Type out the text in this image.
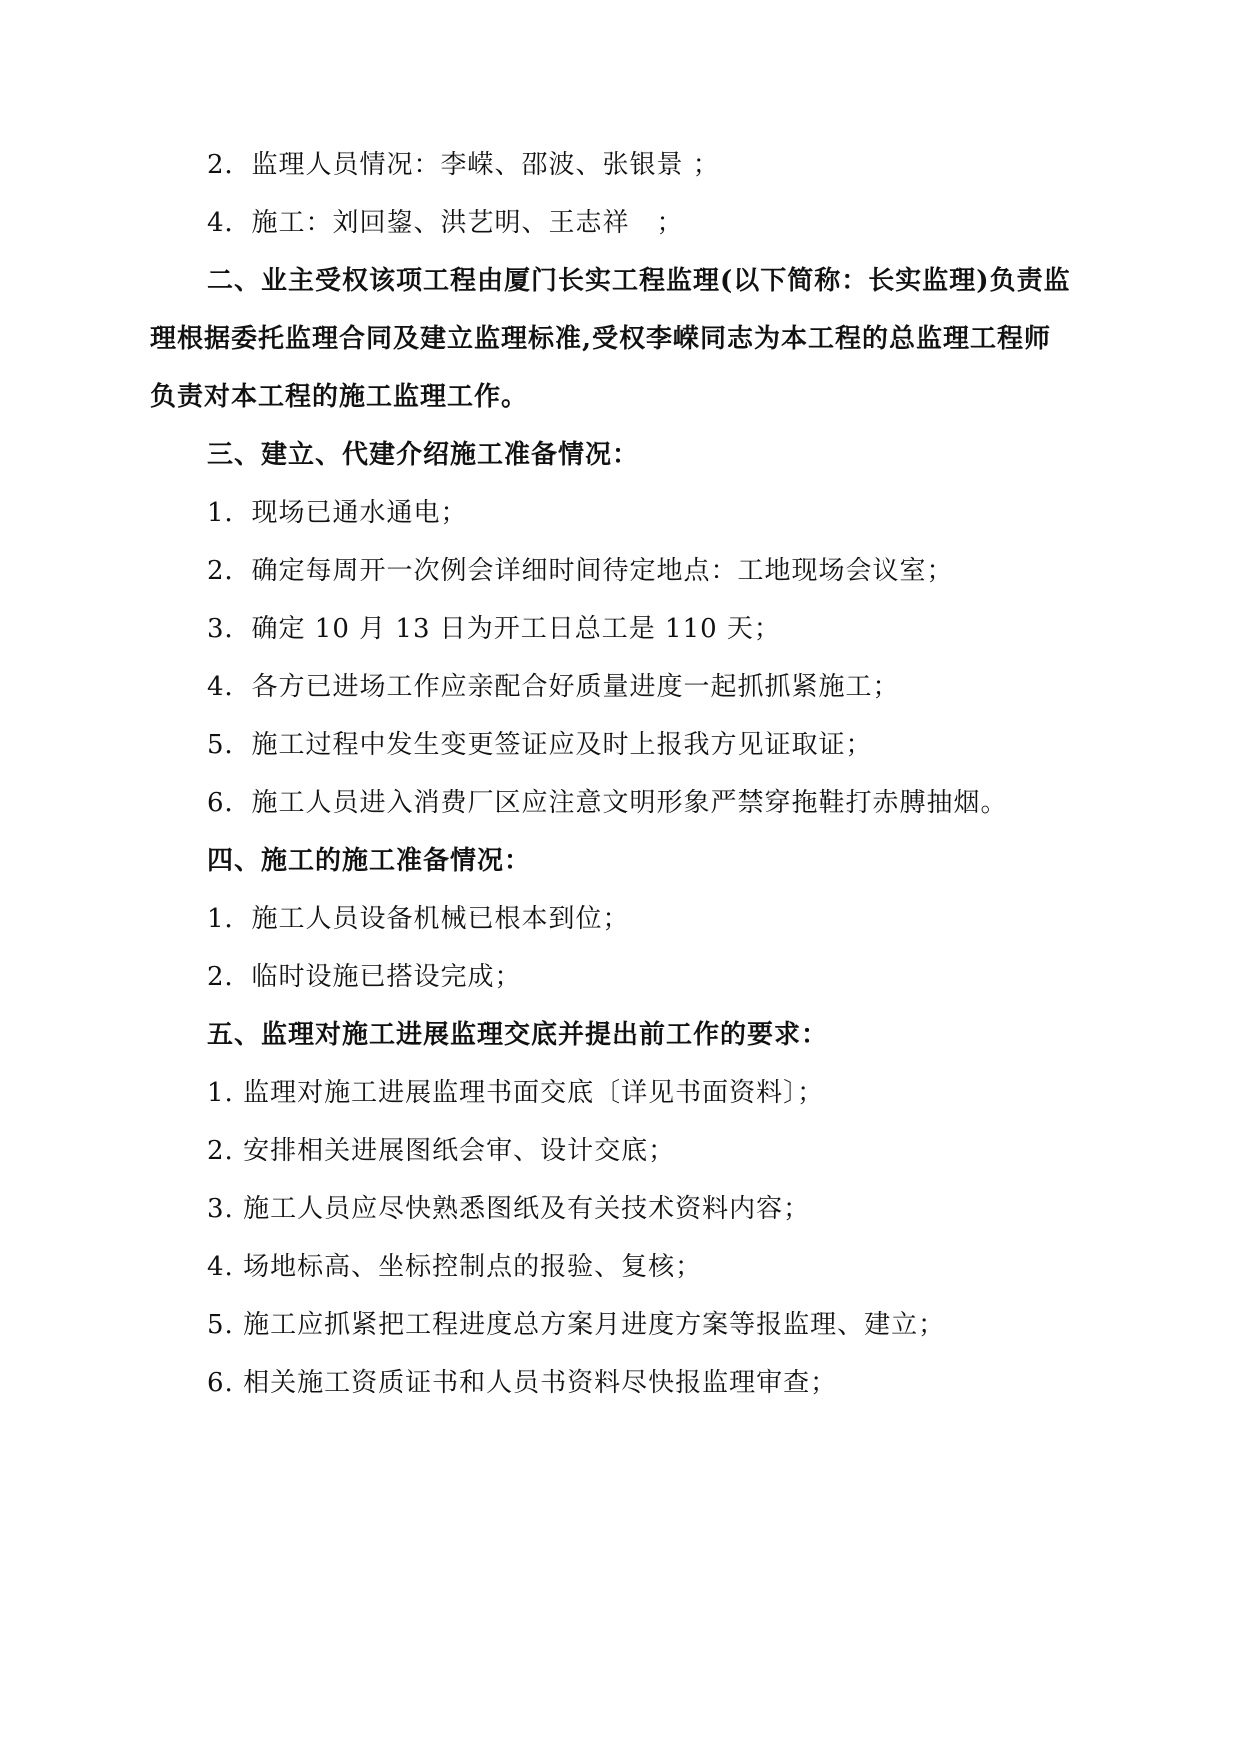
2．监理人员情况：李嵘、邵波、张银景 ；
4．施工：刘回鋆、洪艺明、王志祥　；
二、业主受权该项工程由厦门长实工程监理(以下简称：长实监理)负责监
理根据委托监理合同及建立监理标准,受权李嵘同志为本工程的总监理工程师
负责对本工程的施工监理工作。
三、建立、代建介绍施工准备情况：
1．现场已通水通电；
2．确定每周开一次例会详细时间待定地点：工地现场会议室；
3．确定 10 月 13 日为开工日总工是 110 天；
4．各方已进场工作应亲配合好质量进度一起抓抓紧施工；
5．施工过程中发生变更签证应及时上报我方见证取证；
6．施工人员进入消费厂区应注意文明形象严禁穿拖鞋打赤膊抽烟。
四、施工的施工准备情况：
1．施工人员设备机械已根本到位；
2．临时设施已搭设完成；
五、监理对施工进展监理交底并提出前工作的要求：
1. 监理对施工进展监理书面交底〔详见书面资料〕；
2. 安排相关进展图纸会审、设计交底；
3. 施工人员应尽快熟悉图纸及有关技术资料内容；
4. 场地标高、坐标控制点的报验、复核；
5. 施工应抓紧把工程进度总方案月进度方案等报监理、建立；
6. 相关施工资质证书和人员书资料尽快报监理审查；
